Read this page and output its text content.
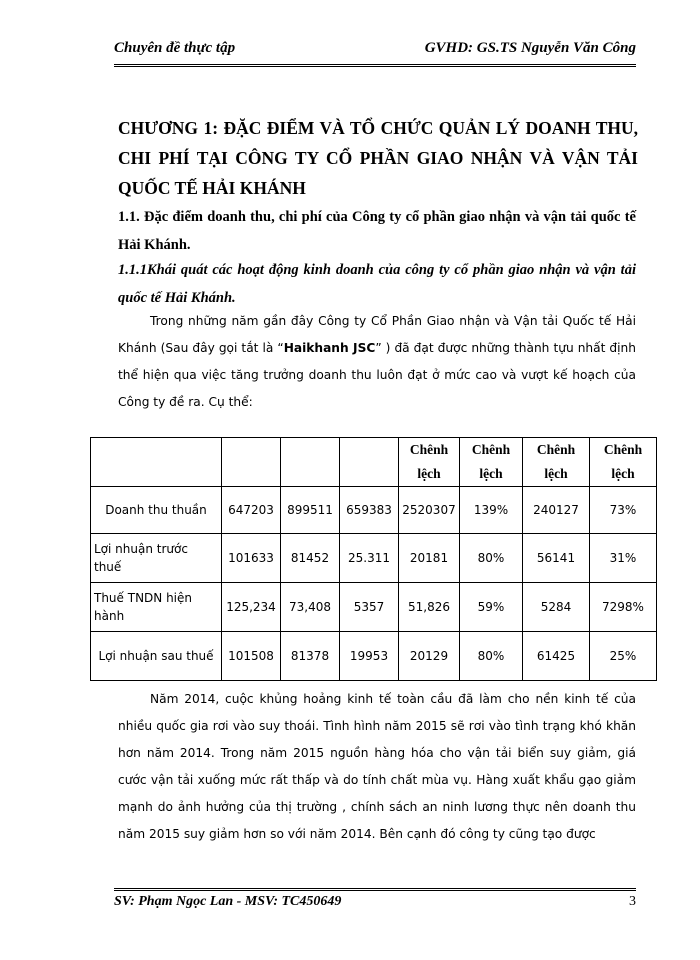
Chuyên đề thực tập	GVHD: GS.TS Nguyễn Văn Công
CHƯƠNG 1: ĐẶC ĐIỂM VÀ TỔ CHỨC QUẢN LÝ DOANH THU, CHI PHÍ TẠI CÔNG TY CỔ PHẦN GIAO NHẬN VÀ VẬN TẢI QUỐC TẾ HẢI KHÁNH
1.1. Đặc điểm doanh thu, chi phí của Công ty cổ phần giao nhận và vận tải quốc tế Hải Khánh.
1.1.1Khái quát các hoạt động kinh doanh của công ty cổ phần giao nhận và vận tải quốc tế Hải Khánh.
Trong những năm gần đây Công ty Cổ Phần Giao nhận và Vận tải Quốc tế Hải Khánh (Sau đây gọi tắt là “Haikhanh JSC” ) đã đạt được những thành tựu nhất định thể hiện qua việc tăng trưởng doanh thu luôn đạt ở mức cao và vượt kế hoạch của Công ty đề ra. Cụ thể:
				Chênh lệch	Chênh lệch	Chênh lệch	Chênh lệch
Doanh thu thuần	647203	899511	659383	2520307	139%	240127	73%
Lợi nhuận trước thuế	101633	81452	25.311	20181	80%	56141	31%
Thuế TNDN hiện hành	125,234	73,408	5357	51,826	59%	5284	7298%
Lợi nhuận sau thuế	101508	81378	19953	20129	80%	61425	25%
Năm 2014, cuộc khủng hoảng kinh tế toàn cầu đã làm cho nền kinh tế của nhiều quốc gia rơi vào suy thoái. Tình hình năm 2015 sẽ rơi vào tình trạng khó khăn hơn năm 2014. Trong năm 2015 nguồn hàng hóa cho vận tải biển suy giảm, giá cước vận tải xuống mức rất thấp và do tính chất mùa vụ. Hàng xuất khẩu gạo giảm mạnh do ảnh hưởng của thị trường , chính sách an ninh lương thực nên doanh thu năm 2015 suy giảm hơn so với năm 2014. Bên cạnh đó công ty cũng tạo được
SV: Phạm Ngọc Lan - MSV: TC450649	3
